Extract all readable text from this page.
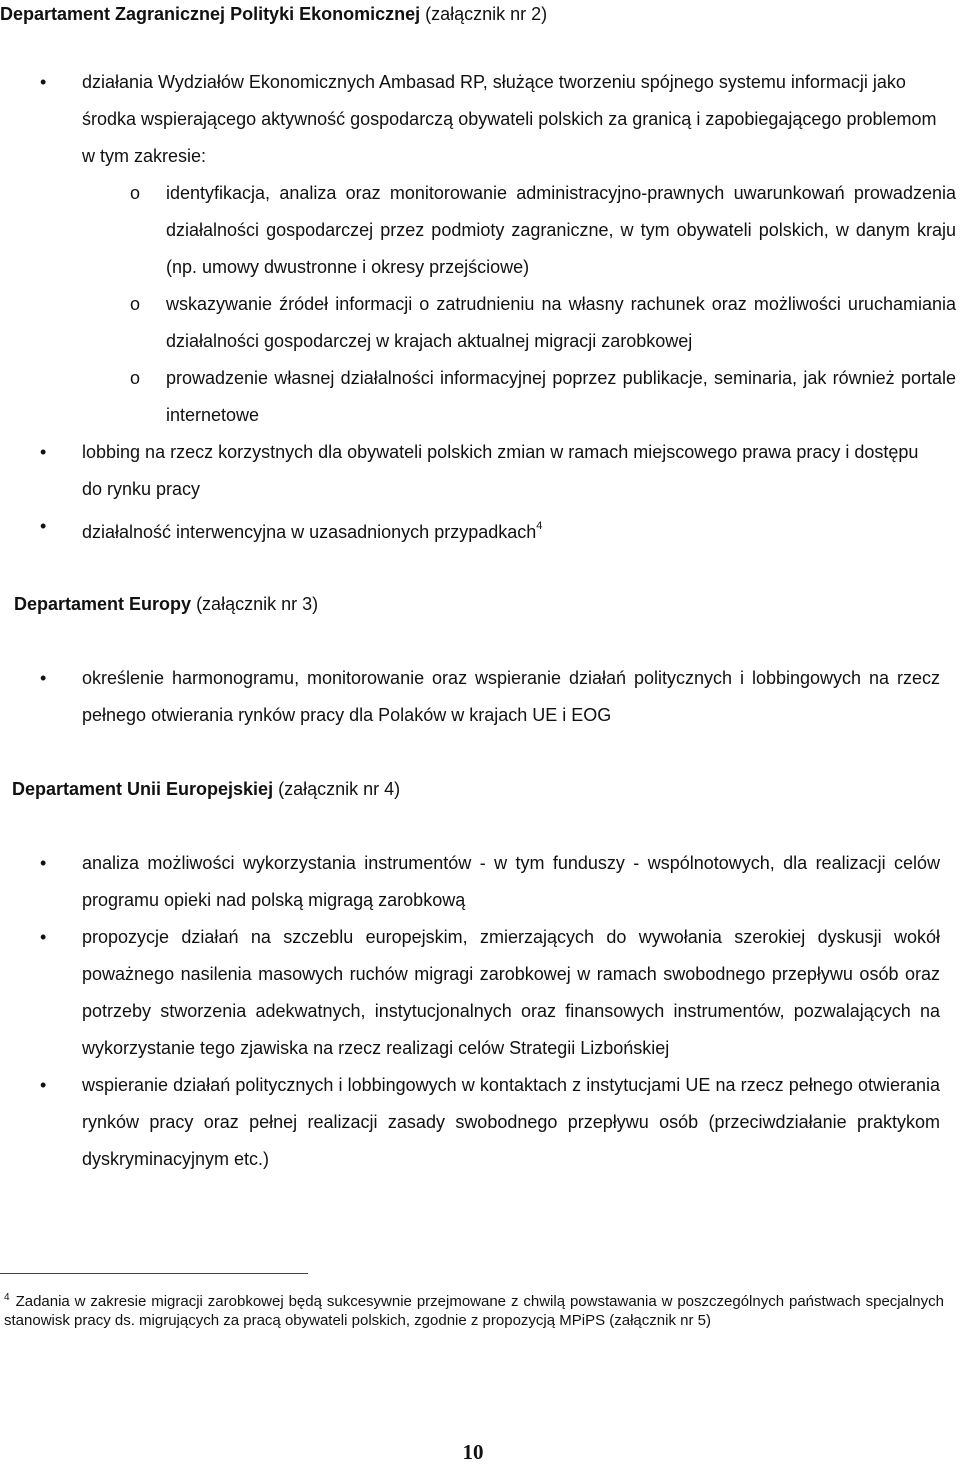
Departament Zagranicznej Polityki Ekonomicznej (załącznik nr 2)
• działania Wydziałów Ekonomicznych Ambasad RP, służące tworzeniu spójnego systemu informacji jako środka wspierającego aktywność gospodarczą obywateli polskich za granicą i zapobiegającego problemom w tym zakresie:
o identyfikacja, analiza oraz monitorowanie administracyjno-prawnych uwarunkowań prowadzenia działalności gospodarczej przez podmioty zagraniczne, w tym obywateli polskich, w danym kraju (np. umowy dwustronne i okresy przejściowe)
o wskazywanie źródeł informacji o zatrudnieniu na własny rachunek oraz możliwości uruchamiania działalności gospodarczej w krajach aktualnej migracji zarobkowej
o prowadzenie własnej działalności informacyjnej poprzez publikacje, seminaria, jak również portale internetowe
• lobbing na rzecz korzystnych dla obywateli polskich zmian w ramach miejscowego prawa pracy i dostępu do rynku pracy
• działalność interwencyjna w uzasadnionych przypadkach$^4$
Departament Europy (załącznik nr 3)
• określenie harmonogramu, monitorowanie oraz wspieranie działań politycznych i lobbingowych na rzecz pełnego otwierania rynków pracy dla Polaków w krajach UE i EOG
Departament Unii Europejskiej (załącznik nr 4)
• analiza możliwości wykorzystania instrumentów - w tym funduszy - wspólnotowych, dla realizacji celów programu opieki nad polską migragą zarobkową
• propozycje działań na szczeblu europejskim, zmierzających do wywołania szerokiej dyskusji wokół poważnego nasilenia masowych ruchów migragi zarobkowej w ramach swobodnego przepływu osób oraz potrzeby stworzenia adekwatnych, instytucjonalnych oraz finansowych instrumentów, pozwalających na wykorzystanie tego zjawiska na rzecz realizagi celów Strategii Lizbońskiej
• wspieranie działań politycznych i lobbingowych w kontaktach z instytucjami UE na rzecz pełnego otwierania rynków pracy oraz pełnej realizacji zasady swobodnego przepływu osób (przeciwdziałanie praktykom dyskryminacyjnym etc.)
$^4$ Zadania w zakresie migracji zarobkowej będą sukcesywnie przejmowane z chwilą powstawania w poszczególnych państwach specjalnych stanowisk pracy ds. migrujących za pracą obywateli polskich, zgodnie z propozycją MPiPS (załącznik nr 5)
10
